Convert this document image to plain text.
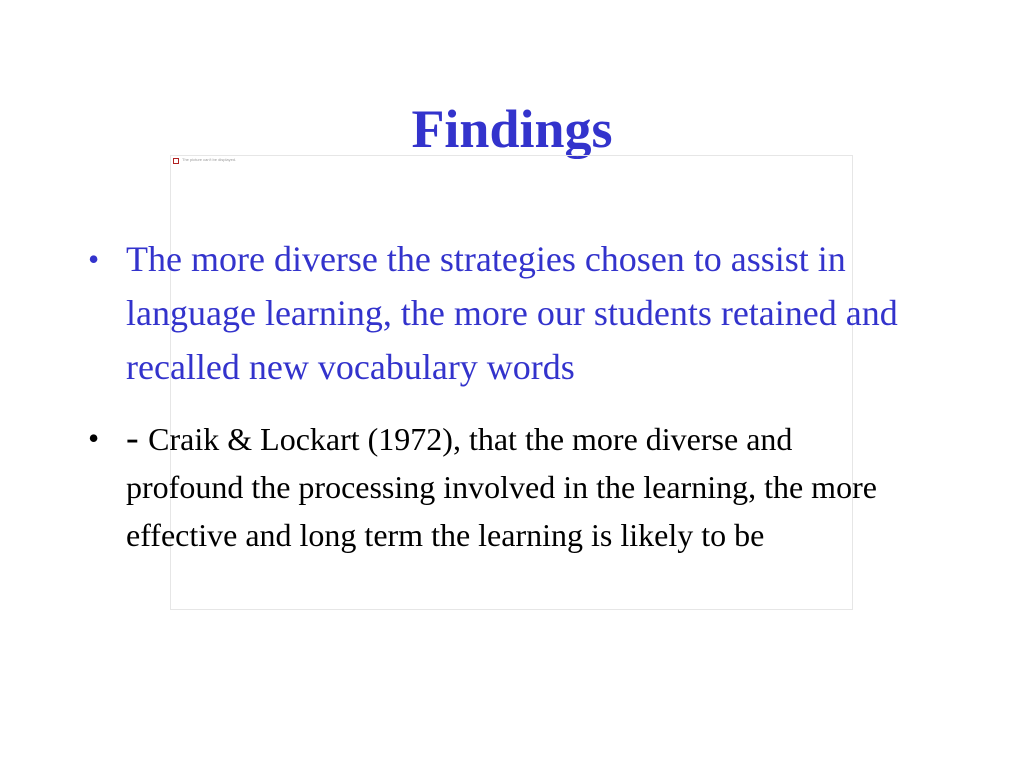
Findings
The picture can't be displayed.
• The more diverse the strategies chosen to assist in language learning, the more our students retained and recalled new vocabulary words
• - Craik & Lockart (1972), that the more diverse and profound the processing involved in the learning, the more effective and long term the learning is likely to be
